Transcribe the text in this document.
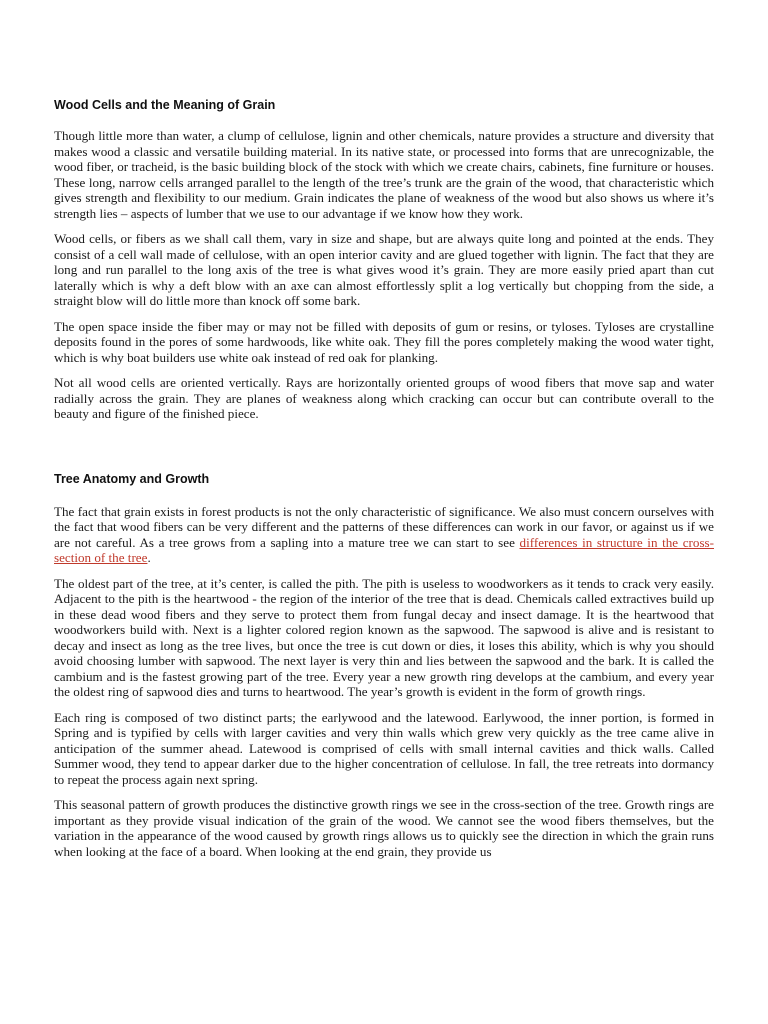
Wood Cells and the Meaning of Grain

Though little more than water, a clump of cellulose, lignin and other chemicals, nature provides a structure and diversity that makes wood a classic and versatile building material. In its native state, or processed into forms that are unrecognizable, the wood fiber, or tracheid, is the basic building block of the stock with which we create chairs, cabinets, fine furniture or houses. These long, narrow cells arranged parallel to the length of the tree’s trunk are the grain of the wood, that characteristic which gives strength and flexibility to our medium. Grain indicates the plane of weakness of the wood but also shows us where it’s strength lies – aspects of lumber that we use to our advantage if we know how they work.

Wood cells, or fibers as we shall call them, vary in size and shape, but are always quite long and pointed at the ends. They consist of a cell wall made of cellulose, with an open interior cavity and are glued together with lignin. The fact that they are long and run parallel to the long axis of the tree is what gives wood it’s grain. They are more easily pried apart than cut laterally which is why a deft blow with an axe can almost effortlessly split a log vertically but chopping from the side, a straight blow will do little more than knock off some bark.

The open space inside the fiber may or may not be filled with deposits of gum or resins, or tyloses. Tyloses are crystalline deposits found in the pores of some hardwoods, like white oak. They fill the pores completely making the wood water tight, which is why boat builders use white oak instead of red oak for planking.

Not all wood cells are oriented vertically. Rays are horizontally oriented groups of wood fibers that move sap and water radially across the grain. They are planes of weakness along which cracking can occur but can contribute overall to the beauty and figure of the finished piece.

Tree Anatomy and Growth

The fact that grain exists in forest products is not the only characteristic of significance. We also must concern ourselves with the fact that wood fibers can be very different and the patterns of these differences can work in our favor, or against us if we are not careful. As a tree grows from a sapling into a mature tree we can start to see differences in structure in the cross-section of the tree.

The oldest part of the tree, at it’s center, is called the pith. The pith is useless to woodworkers as it tends to crack very easily. Adjacent to the pith is the heartwood - the region of the interior of the tree that is dead. Chemicals called extractives build up in these dead wood fibers and they serve to protect them from fungal decay and insect damage. It is the heartwood that woodworkers build with. Next is a lighter colored region known as the sapwood. The sapwood is alive and is resistant to decay and insect as long as the tree lives, but once the tree is cut down or dies, it loses this ability, which is why you should avoid choosing lumber with sapwood. The next layer is very thin and lies between the sapwood and the bark. It is called the cambium and is the fastest growing part of the tree. Every year a new growth ring develops at the cambium, and every year the oldest ring of sapwood dies and turns to heartwood. The year’s growth is evident in the form of growth rings.

Each ring is composed of two distinct parts; the earlywood and the latewood. Earlywood, the inner portion, is formed in Spring and is typified by cells with larger cavities and very thin walls which grew very quickly as the tree came alive in anticipation of the summer ahead. Latewood is comprised of cells with small internal cavities and thick walls. Called Summer wood, they tend to appear darker due to the higher concentration of cellulose. In fall, the tree retreats into dormancy to repeat the process again next spring.

This seasonal pattern of growth produces the distinctive growth rings we see in the cross-section of the tree. Growth rings are important as they provide visual indication of the grain of the wood. We cannot see the wood fibers themselves, but the variation in the appearance of the wood caused by growth rings allows us to quickly see the direction in which the grain runs when looking at the face of a board. When looking at the end grain, they provide us
